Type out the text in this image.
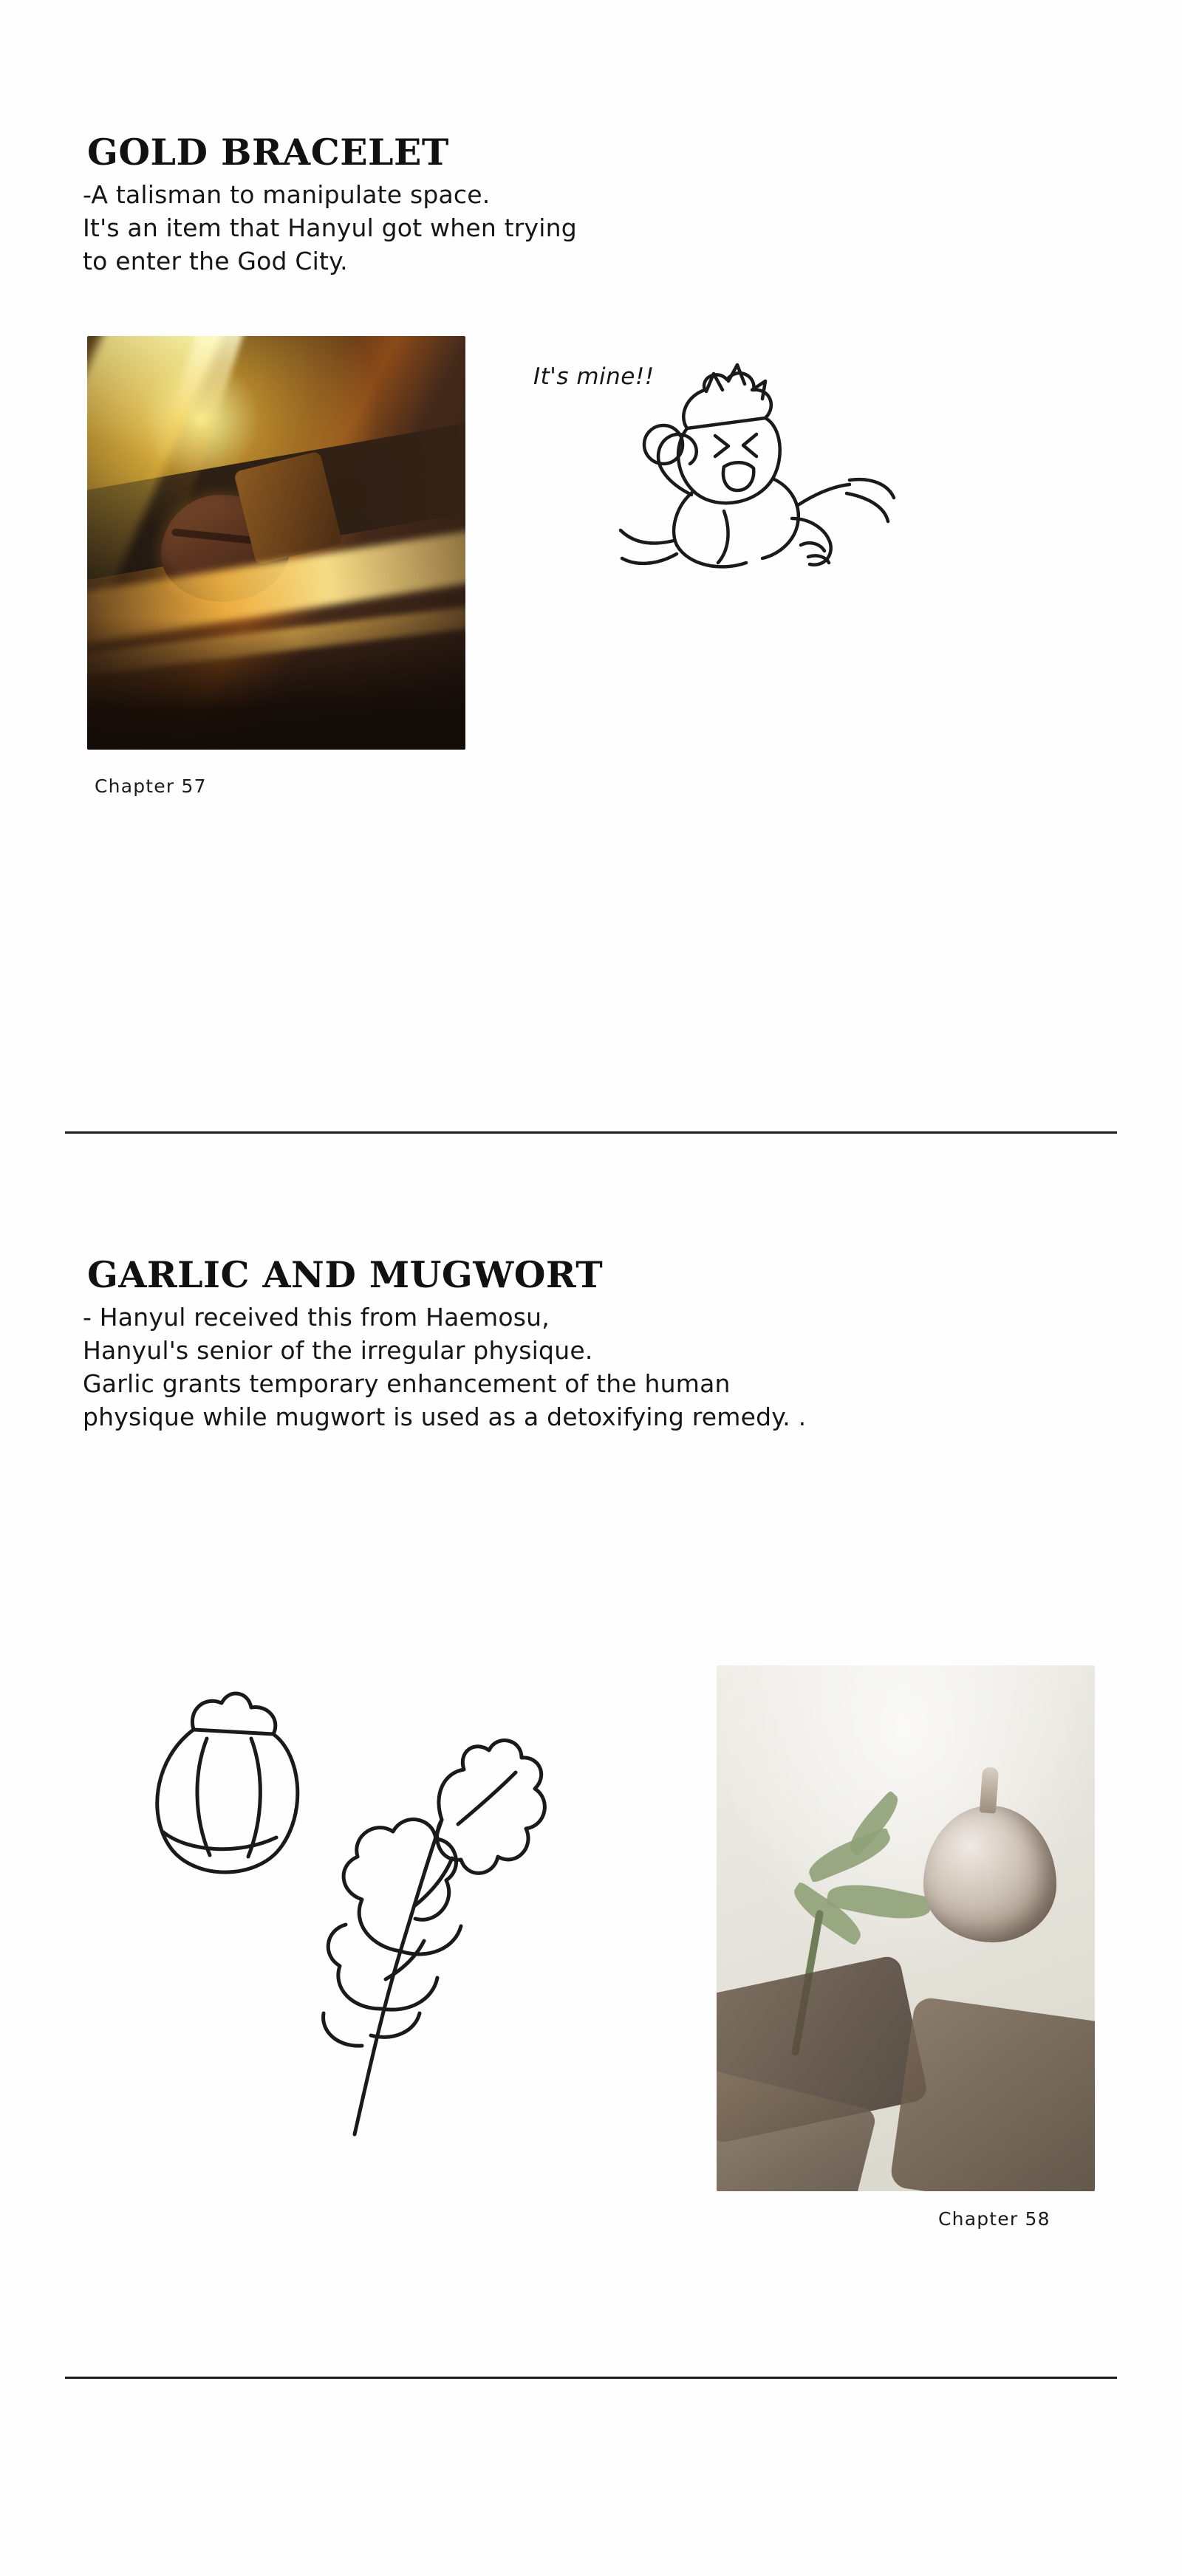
GOLD BRACELET
-A talisman to manipulate space.
It's an item that Hanyul got when trying
to enter the God City.
It's mine!!
Chapter 57
GARLIC AND MUGWORT
- Hanyul received this from Haemosu,
Hanyul's senior of the irregular physique.
Garlic grants temporary enhancement of the human
physique while mugwort is used as a detoxifying remedy. .
Chapter 58
